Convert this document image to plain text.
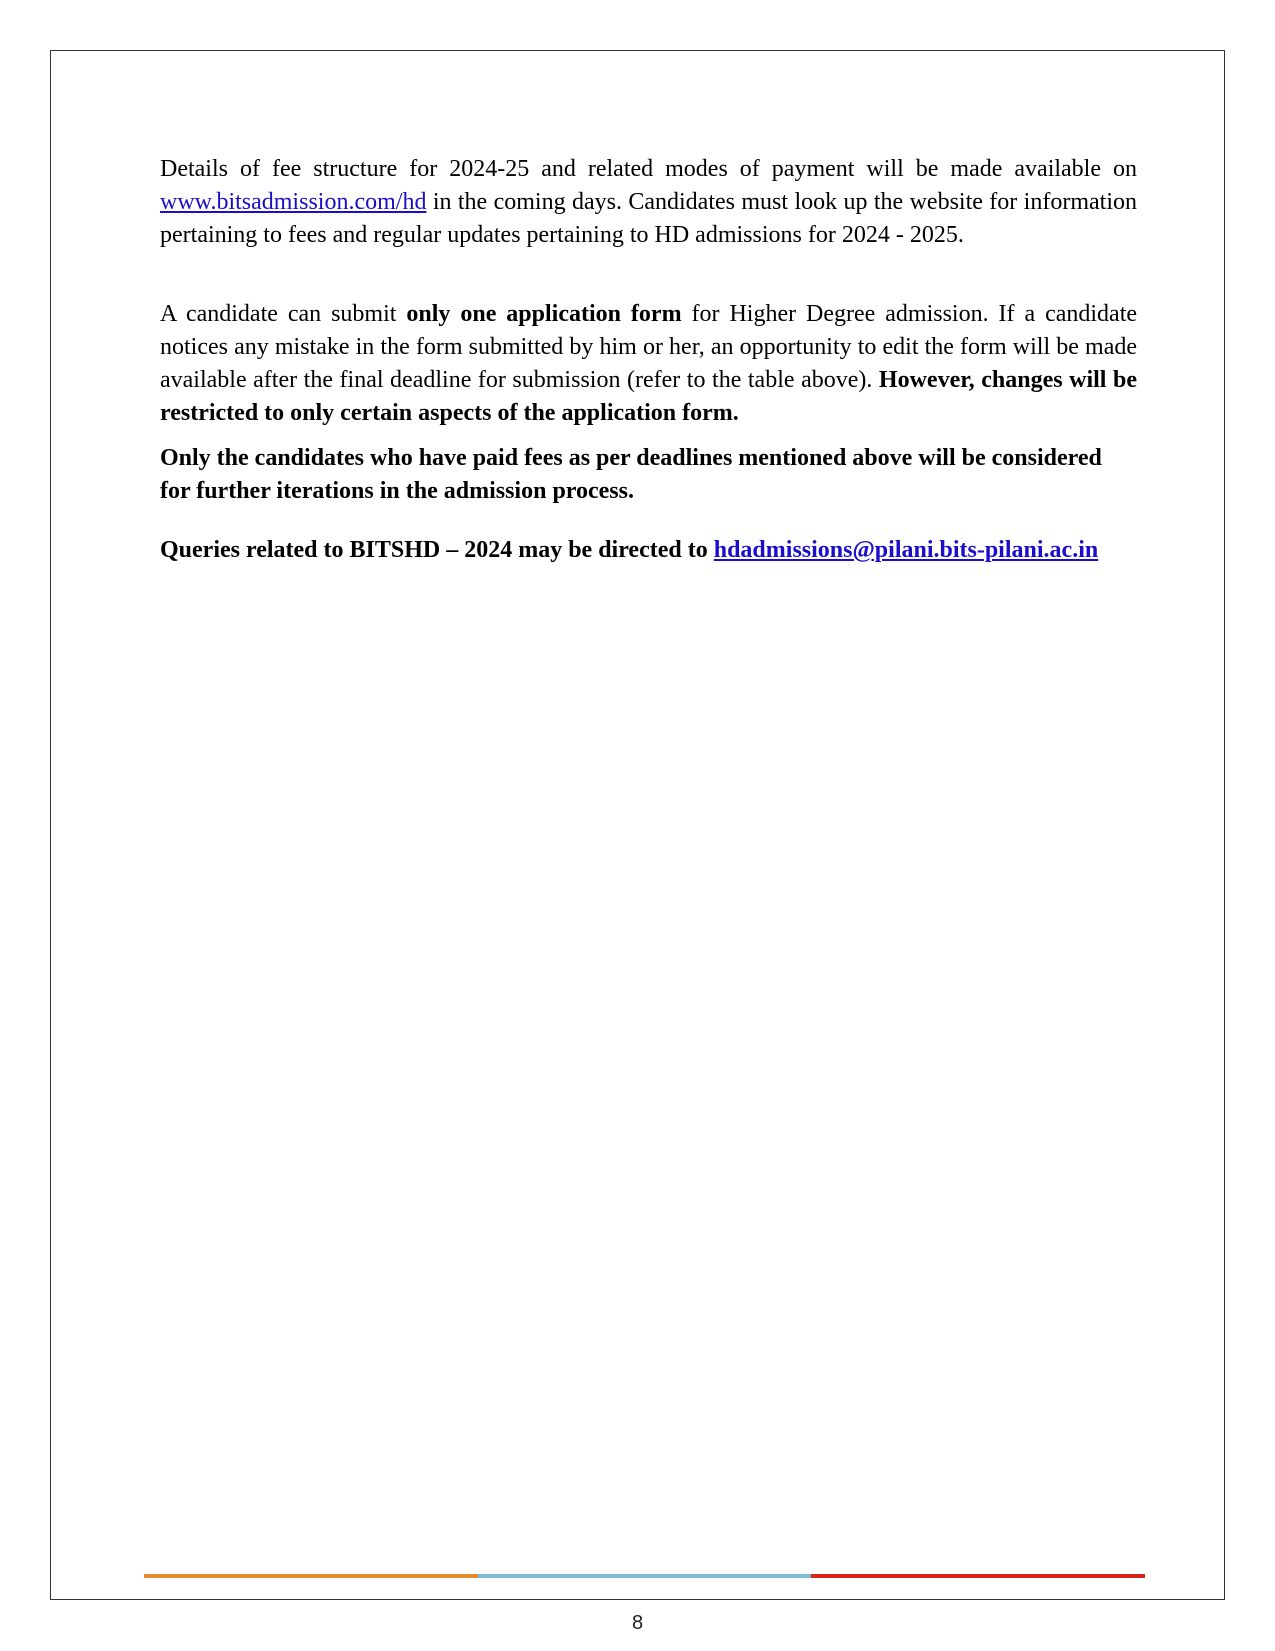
Details of fee structure for 2024-25 and related modes of payment will be made available on www.bitsadmission.com/hd in the coming days. Candidates must look up the website for information pertaining to fees and regular updates pertaining to HD admissions for 2024 - 2025.

A candidate can submit only one application form for Higher Degree admission. If a candidate notices any mistake in the form submitted by him or her, an opportunity to edit the form will be made available after the final deadline for submission (refer to the table above). However, changes will be restricted to only certain aspects of the application form.

Only the candidates who have paid fees as per deadlines mentioned above will be considered for further iterations in the admission process.

Queries related to BITSHD – 2024 may be directed to hdadmissions@pilani.bits-pilani.ac.in

8
